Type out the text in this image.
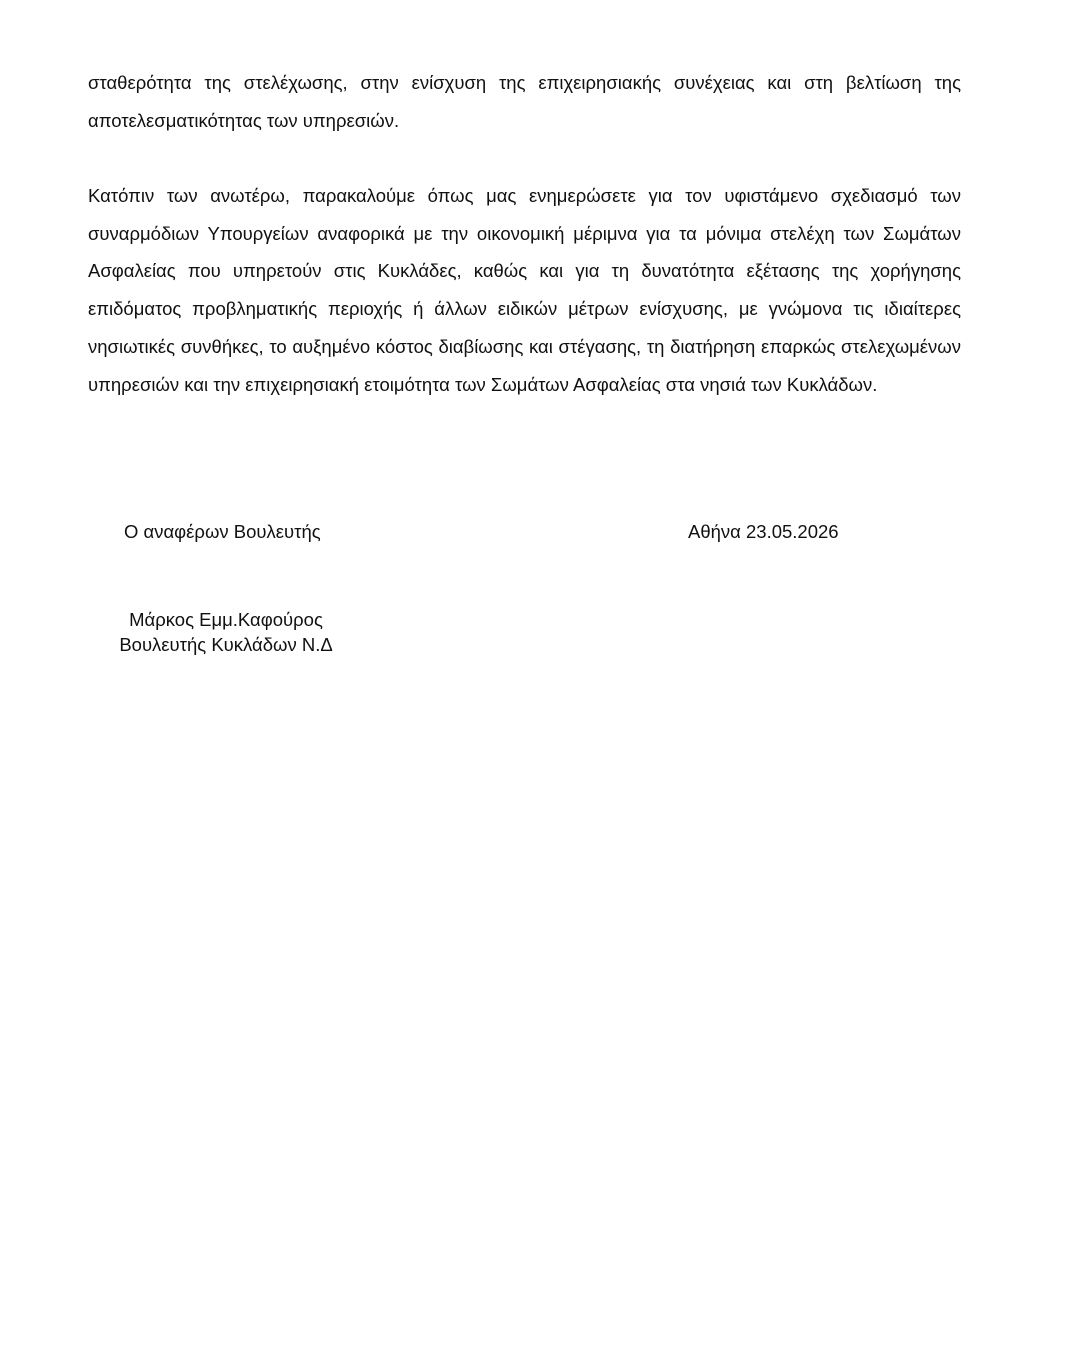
σταθερότητα της στελέχωσης, στην ενίσχυση της επιχειρησιακής συνέχειας και στη βελτίωση της αποτελεσματικότητας των υπηρεσιών.

Κατόπιν των ανωτέρω, παρακαλούμε όπως μας ενημερώσετε για τον υφιστάμενο σχεδιασμό των συναρμόδιων Υπουργείων αναφορικά με την οικονομική μέριμνα για τα μόνιμα στελέχη των Σωμάτων Ασφαλείας που υπηρετούν στις Κυκλάδες, καθώς και για τη δυνατότητα εξέτασης της χορήγησης επιδόματος προβληματικής περιοχής ή άλλων ειδικών μέτρων ενίσχυσης, με γνώμονα τις ιδιαίτερες νησιωτικές συνθήκες, το αυξημένο κόστος διαβίωσης και στέγασης, τη διατήρηση επαρκώς στελεχωμένων υπηρεσιών και την επιχειρησιακή ετοιμότητα των Σωμάτων Ασφαλείας στα νησιά των Κυκλάδων.

Ο αναφέρων Βουλευτής	Αθήνα 23.05.2026
Μάρκος Εμμ.Καφούρος
Βουλευτής Κυκλάδων Ν.Δ
